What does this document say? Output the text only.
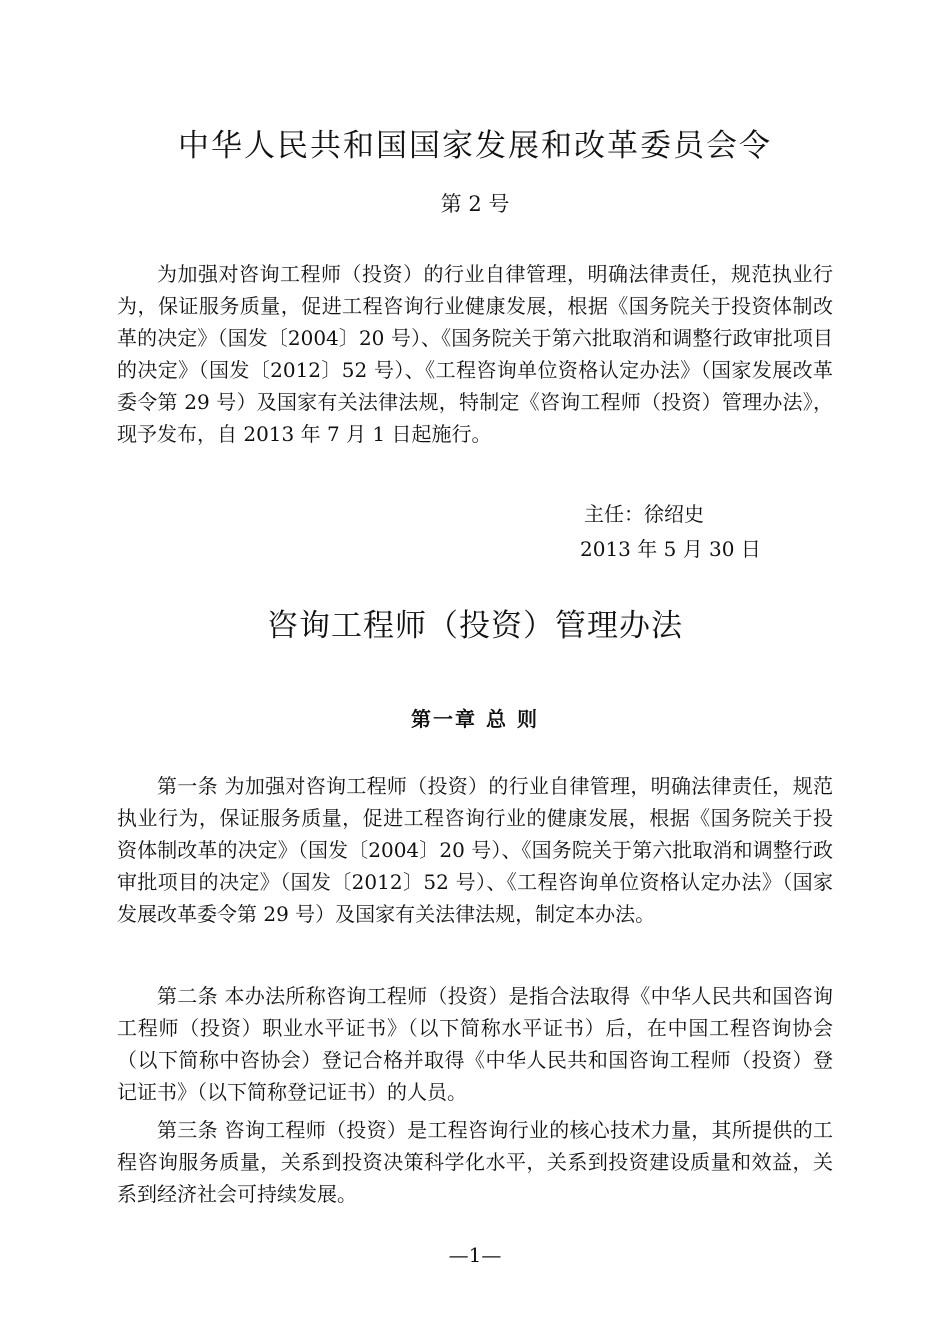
中华人民共和国国家发展和改革委员会令
第 2 号

为加强对咨询工程师（投资）的行业自律管理，明确法律责任，规范执业行为，保证服务质量，促进工程咨询行业健康发展，根据《国务院关于投资体制改革的决定》（国发〔2004〕20 号）、《国务院关于第六批取消和调整行政审批项目的决定》（国发〔2012〕52 号）、《工程咨询单位资格认定办法》（国家发展改革委令第 29 号）及国家有关法律法规，特制定《咨询工程师（投资）管理办法》，现予发布，自 2013 年 7 月 1 日起施行。

主任：徐绍史
2013 年 5 月 30 日
咨询工程师（投资）管理办法
第一章 总 则

第一条 为加强对咨询工程师（投资）的行业自律管理，明确法律责任，规范执业行为，保证服务质量，促进工程咨询行业的健康发展，根据《国务院关于投资体制改革的决定》（国发〔2004〕20 号）、《国务院关于第六批取消和调整行政审批项目的决定》（国发〔2012〕52 号）、《工程咨询单位资格认定办法》（国家发展改革委令第 29 号）及国家有关法律法规，制定本办法。

第二条 本办法所称咨询工程师（投资）是指合法取得《中华人民共和国咨询工程师（投资）职业水平证书》（以下简称水平证书）后，在中国工程咨询协会（以下简称中咨协会）登记合格并取得《中华人民共和国咨询工程师（投资）登记证书》（以下简称登记证书）的人员。

第三条 咨询工程师（投资）是工程咨询行业的核心技术力量，其所提供的工程咨询服务质量，关系到投资决策科学化水平，关系到投资建设质量和效益，关系到经济社会可持续发展。

—1—
